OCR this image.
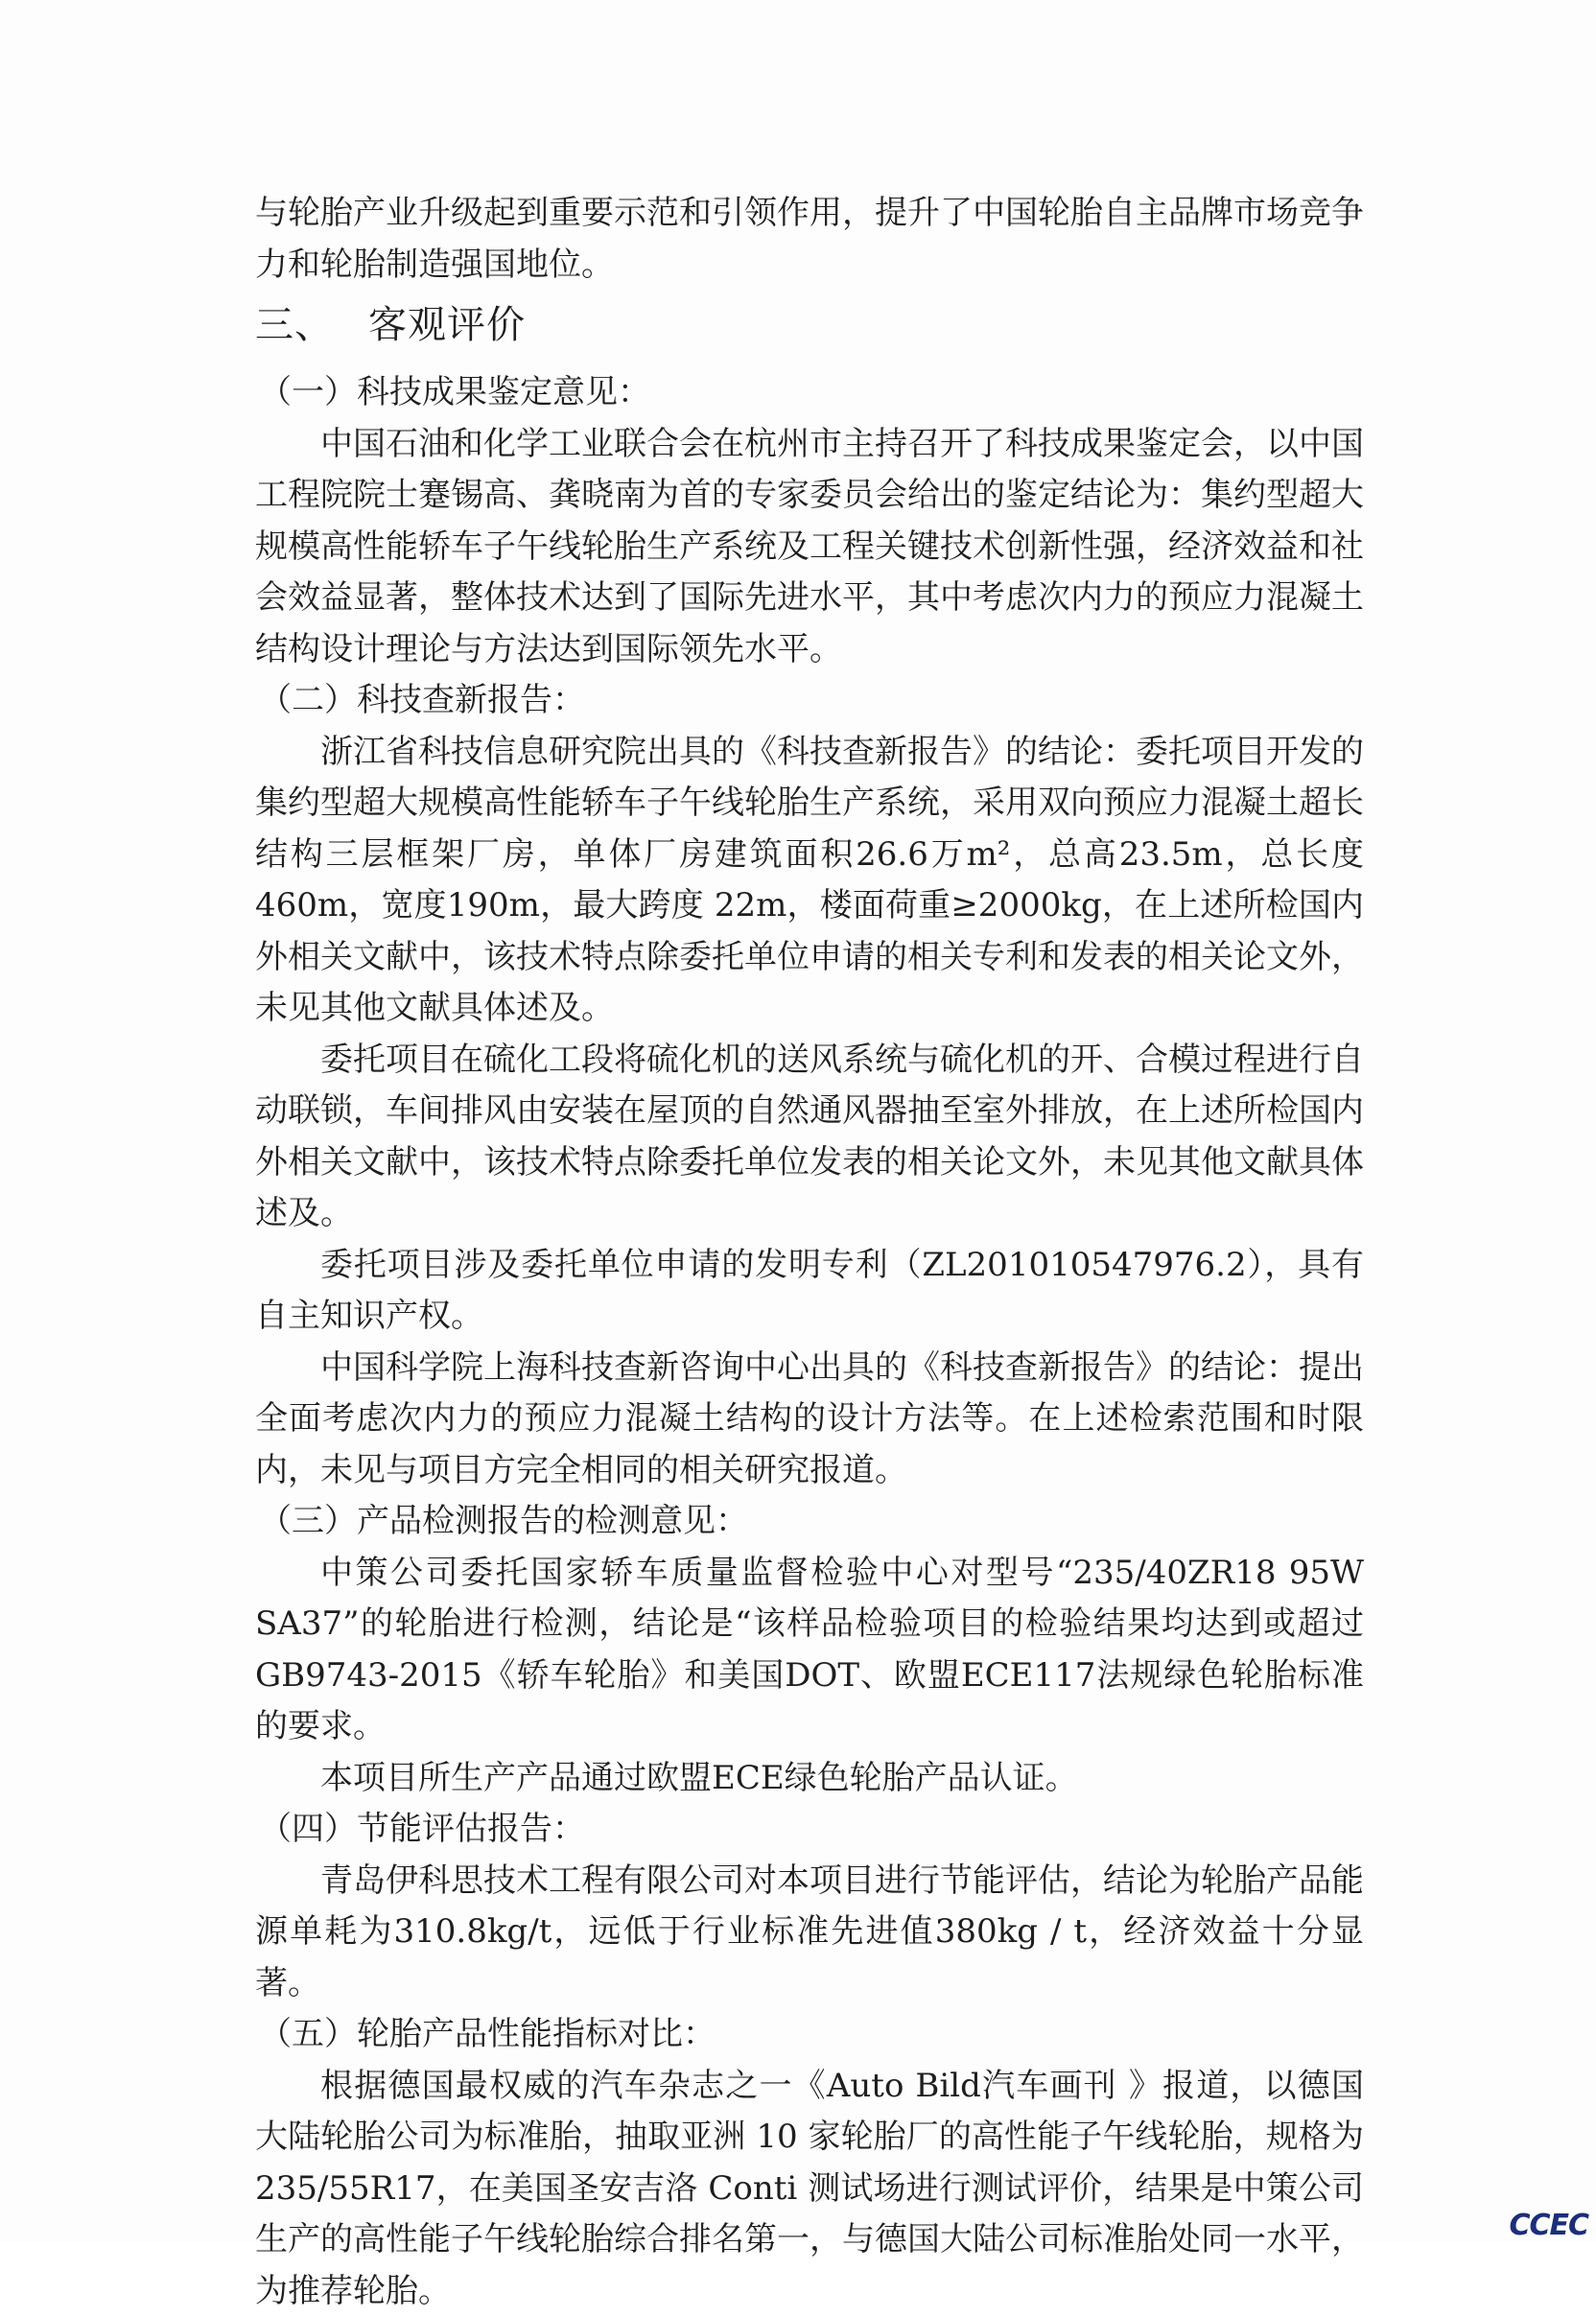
与轮胎产业升级起到重要示范和引领作用，提升了中国轮胎自主品牌市场竞争力和轮胎制造强国地位。

三、 客观评价

（一）科技成果鉴定意见：

中国石油和化学工业联合会在杭州市主持召开了科技成果鉴定会，以中国工程院院士蹇锡高、龚晓南为首的专家委员会给出的鉴定结论为：集约型超大规模高性能轿车子午线轮胎生产系统及工程关键技术创新性强，经济效益和社会效益显著，整体技术达到了国际先进水平，其中考虑次内力的预应力混凝土结构设计理论与方法达到国际领先水平。

（二）科技查新报告：

浙江省科技信息研究院出具的《科技查新报告》的结论：委托项目开发的集约型超大规模高性能轿车子午线轮胎生产系统，采用双向预应力混凝土超长结构三层框架厂房，单体厂房建筑面积26.6万m²，总高23.5m，总长度460m，宽度190m，最大跨度 22m，楼面荷重≥2000kg，在上述所检国内外相关文献中，该技术特点除委托单位申请的相关专利和发表的相关论文外，未见其他文献具体述及。

委托项目在硫化工段将硫化机的送风系统与硫化机的开、合模过程进行自动联锁，车间排风由安装在屋顶的自然通风器抽至室外排放，在上述所检国内外相关文献中，该技术特点除委托单位发表的相关论文外，未见其他文献具体述及。

委托项目涉及委托单位申请的发明专利（ZL201010547976.2），具有自主知识产权。

中国科学院上海科技查新咨询中心出具的《科技查新报告》的结论：提出全面考虑次内力的预应力混凝土结构的设计方法等。在上述检索范围和时限内，未见与项目方完全相同的相关研究报道。

（三）产品检测报告的检测意见：

中策公司委托国家轿车质量监督检验中心对型号“235/40ZR18 95W SA37”的轮胎进行检测，结论是“该样品检验项目的检验结果均达到或超过GB9743-2015《轿车轮胎》和美国DOT、欧盟ECE117法规绿色轮胎标准的要求。

本项目所生产产品通过欧盟ECE绿色轮胎产品认证。

（四）节能评估报告：

青岛伊科思技术工程有限公司对本项目进行节能评估，结论为轮胎产品能源单耗为310.8kg/t，远低于行业标准先进值380kg / t，经济效益十分显著。

（五）轮胎产品性能指标对比：

根据德国最权威的汽车杂志之一《Auto Bild汽车画刊 》报道，以德国大陆轮胎公司为标准胎，抽取亚洲 10 家轮胎厂的高性能子午线轮胎，规格为235/55R17，在美国圣安吉洛 Conti 测试场进行测试评价，结果是中策公司生产的高性能子午线轮胎综合排名第一，与德国大陆公司标准胎处同一水平，为推荐轮胎。

CCEC
